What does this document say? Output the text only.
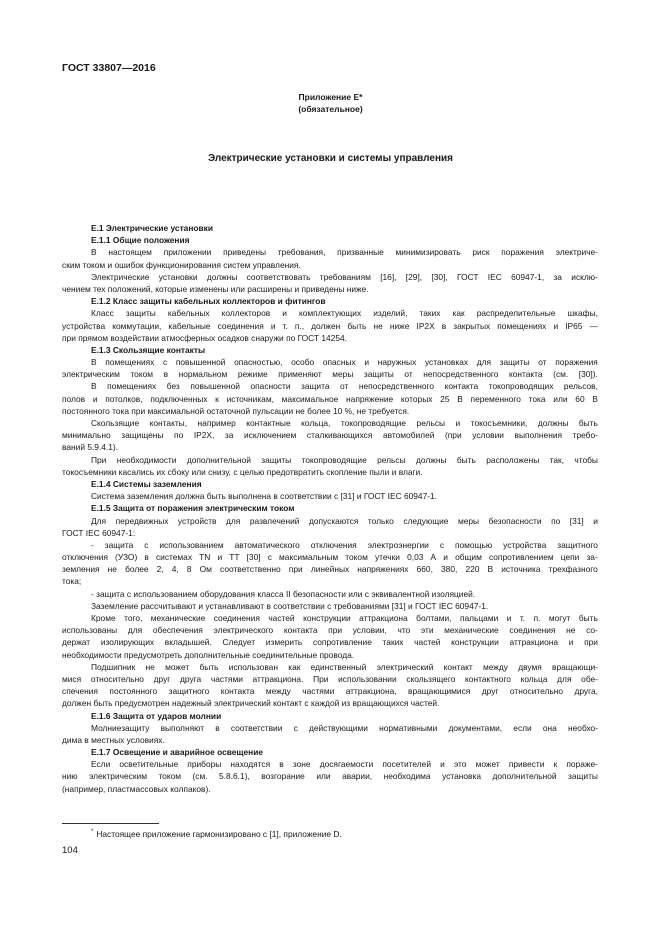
ГОСТ 33807—2016
Приложение Е*
(обязательное)
Электрические установки и системы управления
Е.1 Электрические установки
Е.1.1 Общие положения
В настоящем приложении приведены требования, призванные минимизировать риск поражения электриче-
ским током и ошибок функционирования систем управления.
Электрические установки должны соответствовать требованиям [16], [29], [30], ГОСТ IEC 60947-1, за исклю-
чением тех положений, которые изменены или расширены и приведены ниже.
Е.1.2 Класс защиты кабельных коллекторов и фитингов
Класс защиты кабельных коллекторов и комплектующих изделий, таких как распределительные шкафы,
устройства коммутации, кабельные соединения и т. п., должен быть не ниже IP2X в закрытых помещениях и IP65 —
при прямом воздействии атмосферных осадков снаружи по ГОСТ 14254.
Е.1.3 Скользящие контакты
В помещениях с повышенной опасностью, особо опасных и наружных установках для защиты от поражения
электрическим током в нормальном режиме применяют меры защиты от непосредственного контакта (см. [30]).
В помещениях без повышенной опасности защита от непосредственного контакта токопроводящих рельсов,
полов и потолков, подключенных к источникам, максимальное напряжение которых 25 В переменного тока или 60 В
постоянного тока при максимальной остаточной пульсации не более 10 %, не требуется.
Скользящие контакты, например контактные кольца, токопроводящие рельсы и токосъемники, должны быть
минимально защищены по IP2X, за исключением сталкивающихся автомобилей (при условии выполнения требо-
ваний 5.9.4.1).
При необходимости дополнительной защиты токопроводящие рельсы должны быть расположены так, чтобы
токосъемники касались их сбоку или снизу, с целью предотвратить скопление пыли и влаги.
Е.1.4 Системы заземления
Система заземления должна быть выполнена в соответствии с [31] и ГОСТ IEC 60947-1.
Е.1.5 Защита от поражения электрическим током
Для передвижных устройств для развлечений допускаются только следующие меры безопасности по [31] и
ГОСТ IEC 60947-1:
- защита с использованием автоматического отключения электроэнергии с помощью устройства защитного
отключения (УЗО) в системах TN и TT [30] с максимальным током утечки 0,03 А и общим сопротивлением цепи за-
земления не более 2, 4, 8 Ом соответственно при линейных напряжениях 660, 380, 220 В источника трехфазного
тока;
- защита с использованием оборудования класса II безопасности или с эквивалентной изоляцией.
Заземление рассчитывают и устанавливают в соответствии с требованиями [31] и ГОСТ IEC 60947-1.
Кроме того, механические соединения частей конструкции аттракциона болтами, пальцами и т. п. могут быть
использованы для обеспечения электрического контакта при условии, что эти механические соединения не со-
держат изолирующих вкладышей. Следует измерить сопротивление таких частей конструкции аттракциона и при
необходимости предусмотреть дополнительные соединительные провода.
Подшипник не может быть использован как единственный электрический контакт между двумя вращающи-
мися относительно друг друга частями аттракциона. При использовании скользящего контактного кольца для обе-
спечения постоянного защитного контакта между частями аттракциона, вращающимися друг относительно друга,
должен быть предусмотрен надежный электрический контакт с каждой из вращающихся частей.
Е.1.6 Защита от ударов молнии
Молниезащиту выполняют в соответствии с действующими нормативными документами, если она необхо-
дима в местных условиях.
Е.1.7 Освещение и аварийное освещение
Если осветительные приборы находятся в зоне досягаемости посетителей и это может привести к пораже-
нию электрическим током (см. 5.8.6.1), возгорание или аварии, необходима установка дополнительной защиты
(например, пластмассовых колпаков).
* Настоящее приложение гармонизировано с [1], приложение D.
104
